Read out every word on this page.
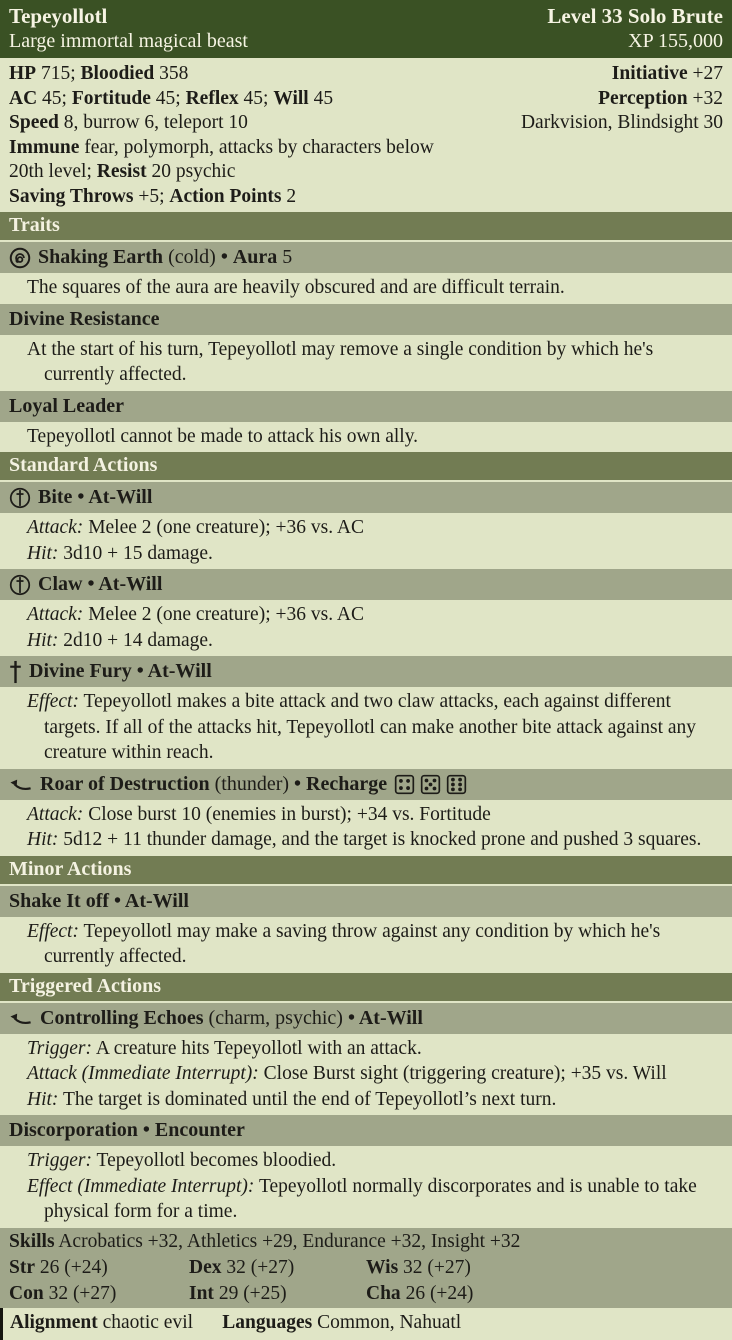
Tepeyollotl	Level 33 Solo Brute
Large immortal magical beast	XP 155,000
HP 715; Bloodied 358	Initiative +27
AC 45; Fortitude 45; Reflex 45; Will 45	Perception +32
Speed 8, burrow 6, teleport 10	Darkvision, Blindsight 30
Immune fear, polymorph, attacks by characters below 20th level; Resist 20 psychic
Saving Throws +5; Action Points 2
Traits
Shaking Earth (cold) • Aura 5

The squares of the aura are heavily obscured and are difficult terrain.

Divine Resistance

At the start of his turn, Tepeyollotl may remove a single condition by which he's currently affected.

Loyal Leader

Tepeyollotl cannot be made to attack his own ally.

Standard Actions
Bite • At-Will

Attack: Melee 2 (one creature); +36 vs. AC

Hit: 3d10 + 15 damage.

Claw • At-Will

Attack: Melee 2 (one creature); +36 vs. AC

Hit: 2d10 + 14 damage.

Divine Fury • At-Will

Effect: Tepeyollotl makes a bite attack and two claw attacks, each against different targets. If all of the attacks hit, Tepeyollotl can make another bite attack against any creature within reach.

Roar of Destruction (thunder) • Recharge

Attack: Close burst 10 (enemies in burst); +34 vs. Fortitude

Hit: 5d12 + 11 thunder damage, and the target is knocked prone and pushed 3 squares.

Minor Actions
Shake It off • At-Will

Effect: Tepeyollotl may make a saving throw against any condition by which he's currently affected.

Triggered Actions
Controlling Echoes (charm, psychic) • At-Will

Trigger: A creature hits Tepeyollotl with an attack.

Attack (Immediate Interrupt): Close Burst sight (triggering creature); +35 vs. Will

Hit: The target is dominated until the end of Tepeyollotl’s next turn.

Discorporation • Encounter

Trigger: Tepeyollotl becomes bloodied.

Effect (Immediate Interrupt): Tepeyollotl normally discorporates and is unable to take physical form for a time.

Skills Acrobatics +32, Athletics +29, Endurance +32, Insight +32
Str 26 (+24)	Dex 32 (+27)	Wis 32 (+27)
Con 32 (+27)	Int 29 (+25)	Cha 26 (+24)
Alignment chaotic evil      Languages Common, Nahuatl
